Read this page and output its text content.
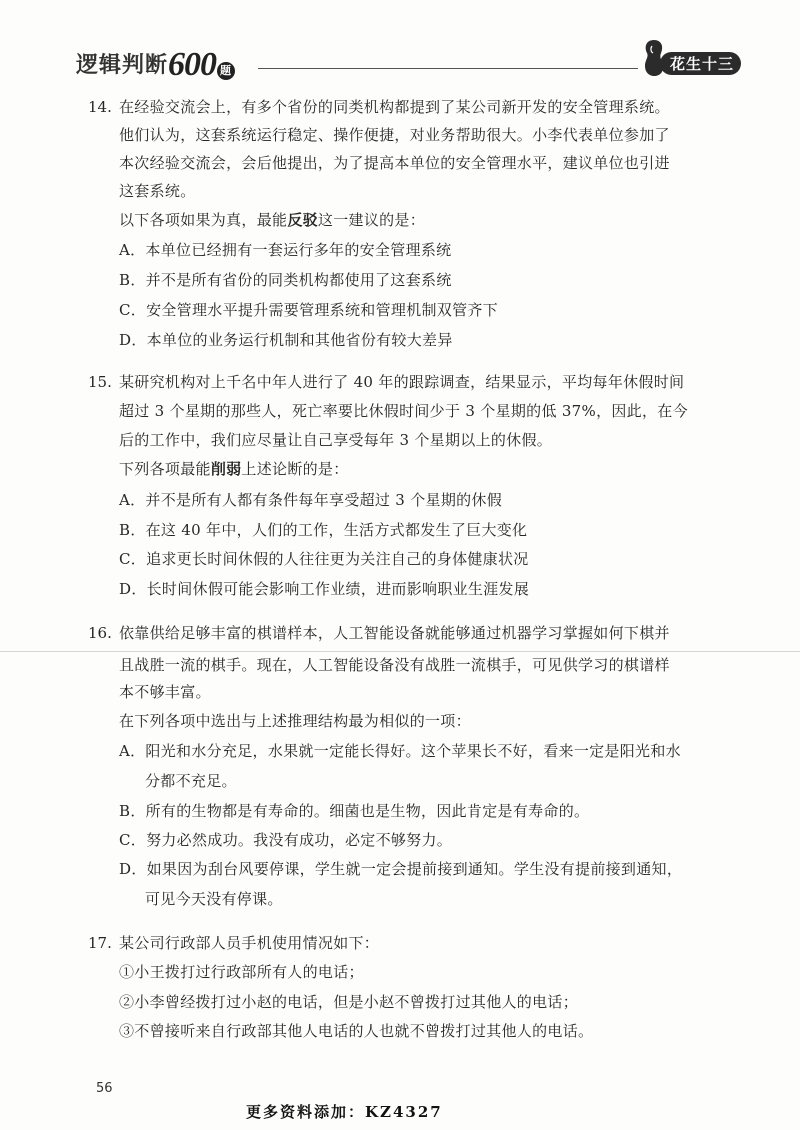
逻辑判断600 题	花生十三
14. 在经验交流会上，有多个省份的同类机构都提到了某公司新开发的安全管理系统。
他们认为，这套系统运行稳定、操作便捷，对业务帮助很大。小李代表单位参加了
本次经验交流会，会后他提出，为了提高本单位的安全管理水平，建议单位也引进
这套系统。
以下各项如果为真，最能反驳这一建议的是：
A．本单位已经拥有一套运行多年的安全管理系统
B．并不是所有省份的同类机构都使用了这套系统
C．安全管理水平提升需要管理系统和管理机制双管齐下
D．本单位的业务运行机制和其他省份有较大差异
15. 某研究机构对上千名中年人进行了 40 年的跟踪调查，结果显示，平均每年休假时间
超过 3 个星期的那些人，死亡率要比休假时间少于 3 个星期的低 37%，因此，在今
后的工作中，我们应尽量让自己享受每年 3 个星期以上的休假。
下列各项最能削弱上述论断的是：
A．并不是所有人都有条件每年享受超过 3 个星期的休假
B．在这 40 年中，人们的工作，生活方式都发生了巨大变化
C．追求更长时间休假的人往往更为关注自己的身体健康状况
D．长时间休假可能会影响工作业绩，进而影响职业生涯发展
16. 依靠供给足够丰富的棋谱样本，人工智能设备就能够通过机器学习掌握如何下棋并
且战胜一流的棋手。现在，人工智能设备没有战胜一流棋手，可见供学习的棋谱样
本不够丰富。
在下列各项中选出与上述推理结构最为相似的一项：
A．阳光和水分充足，水果就一定能长得好。这个苹果长不好，看来一定是阳光和水
分都不充足。
B．所有的生物都是有寿命的。细菌也是生物，因此肯定是有寿命的。
C．努力必然成功。我没有成功，必定不够努力。
D．如果因为刮台风要停课，学生就一定会提前接到通知。学生没有提前接到通知，
可见今天没有停课。
17. 某公司行政部人员手机使用情况如下：
①小王拨打过行政部所有人的电话；
②小李曾经拨打过小赵的电话，但是小赵不曾拨打过其他人的电话；
③不曾接听来自行政部其他人电话的人也就不曾拨打过其他人的电话。
56
更多资料添加：KZ4327
